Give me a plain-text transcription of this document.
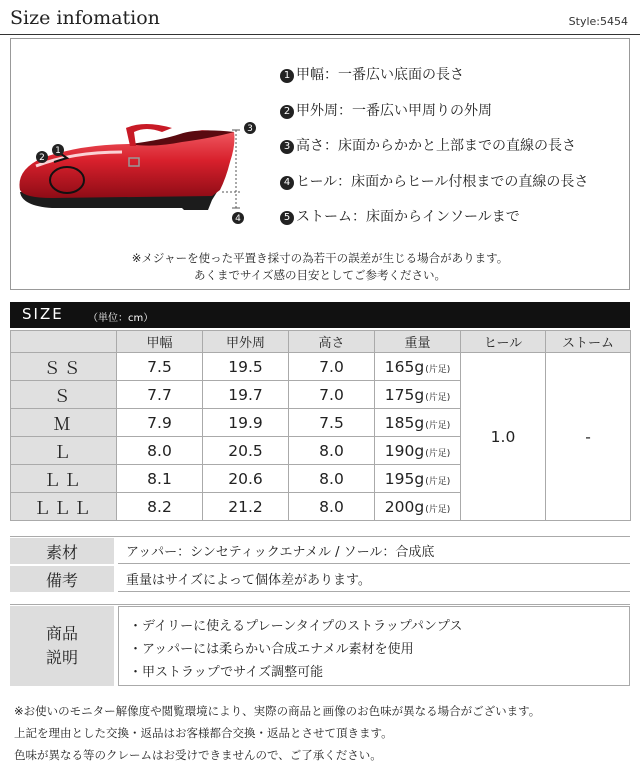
Size infomation	Style:5454
2
1
3
4
1 甲幅：一番広い底面の長さ
2 甲外周：一番広い甲周りの外周
3 高さ：床面からかかと上部までの直線の長さ
4 ヒール：床面からヒール付根までの直線の長さ
5 ストーム：床面からインソールまで
※メジャーを使った平置き採寸の為若干の誤差が生じる場合があります。
あくまでサイズ感の目安としてご参考ください。
SIZE （単位：cm）
	甲幅	甲外周	高さ	重量	ヒール	ストーム
ＳＳ	7.5	19.5	7.0	165g(片足)	1.0	-
Ｓ	7.7	19.7	7.0	175g(片足)		
Ｍ	7.9	19.9	7.5	185g(片足)		
Ｌ	8.0	20.5	8.0	190g(片足)		
ＬＬ	8.1	20.6	8.0	195g(片足)		
ＬＬＬ	8.2	21.2	8.0	200g(片足)		
素材	アッパー：シンセティックエナメル / ソール：合成底
備考	重量はサイズによって個体差があります。
商品
説明
・デイリーに使えるプレーンタイプのストラップパンプス
・アッパーには柔らかい合成エナメル素材を使用
・甲ストラップでサイズ調整可能
※お使いのモニター解像度や閲覧環境により、実際の商品と画像のお色味が異なる場合がございます。
上記を理由とした交換・返品はお客様都合交換・返品とさせて頂きます。
色味が異なる等のクレームはお受けできませんので、ご了承ください。
